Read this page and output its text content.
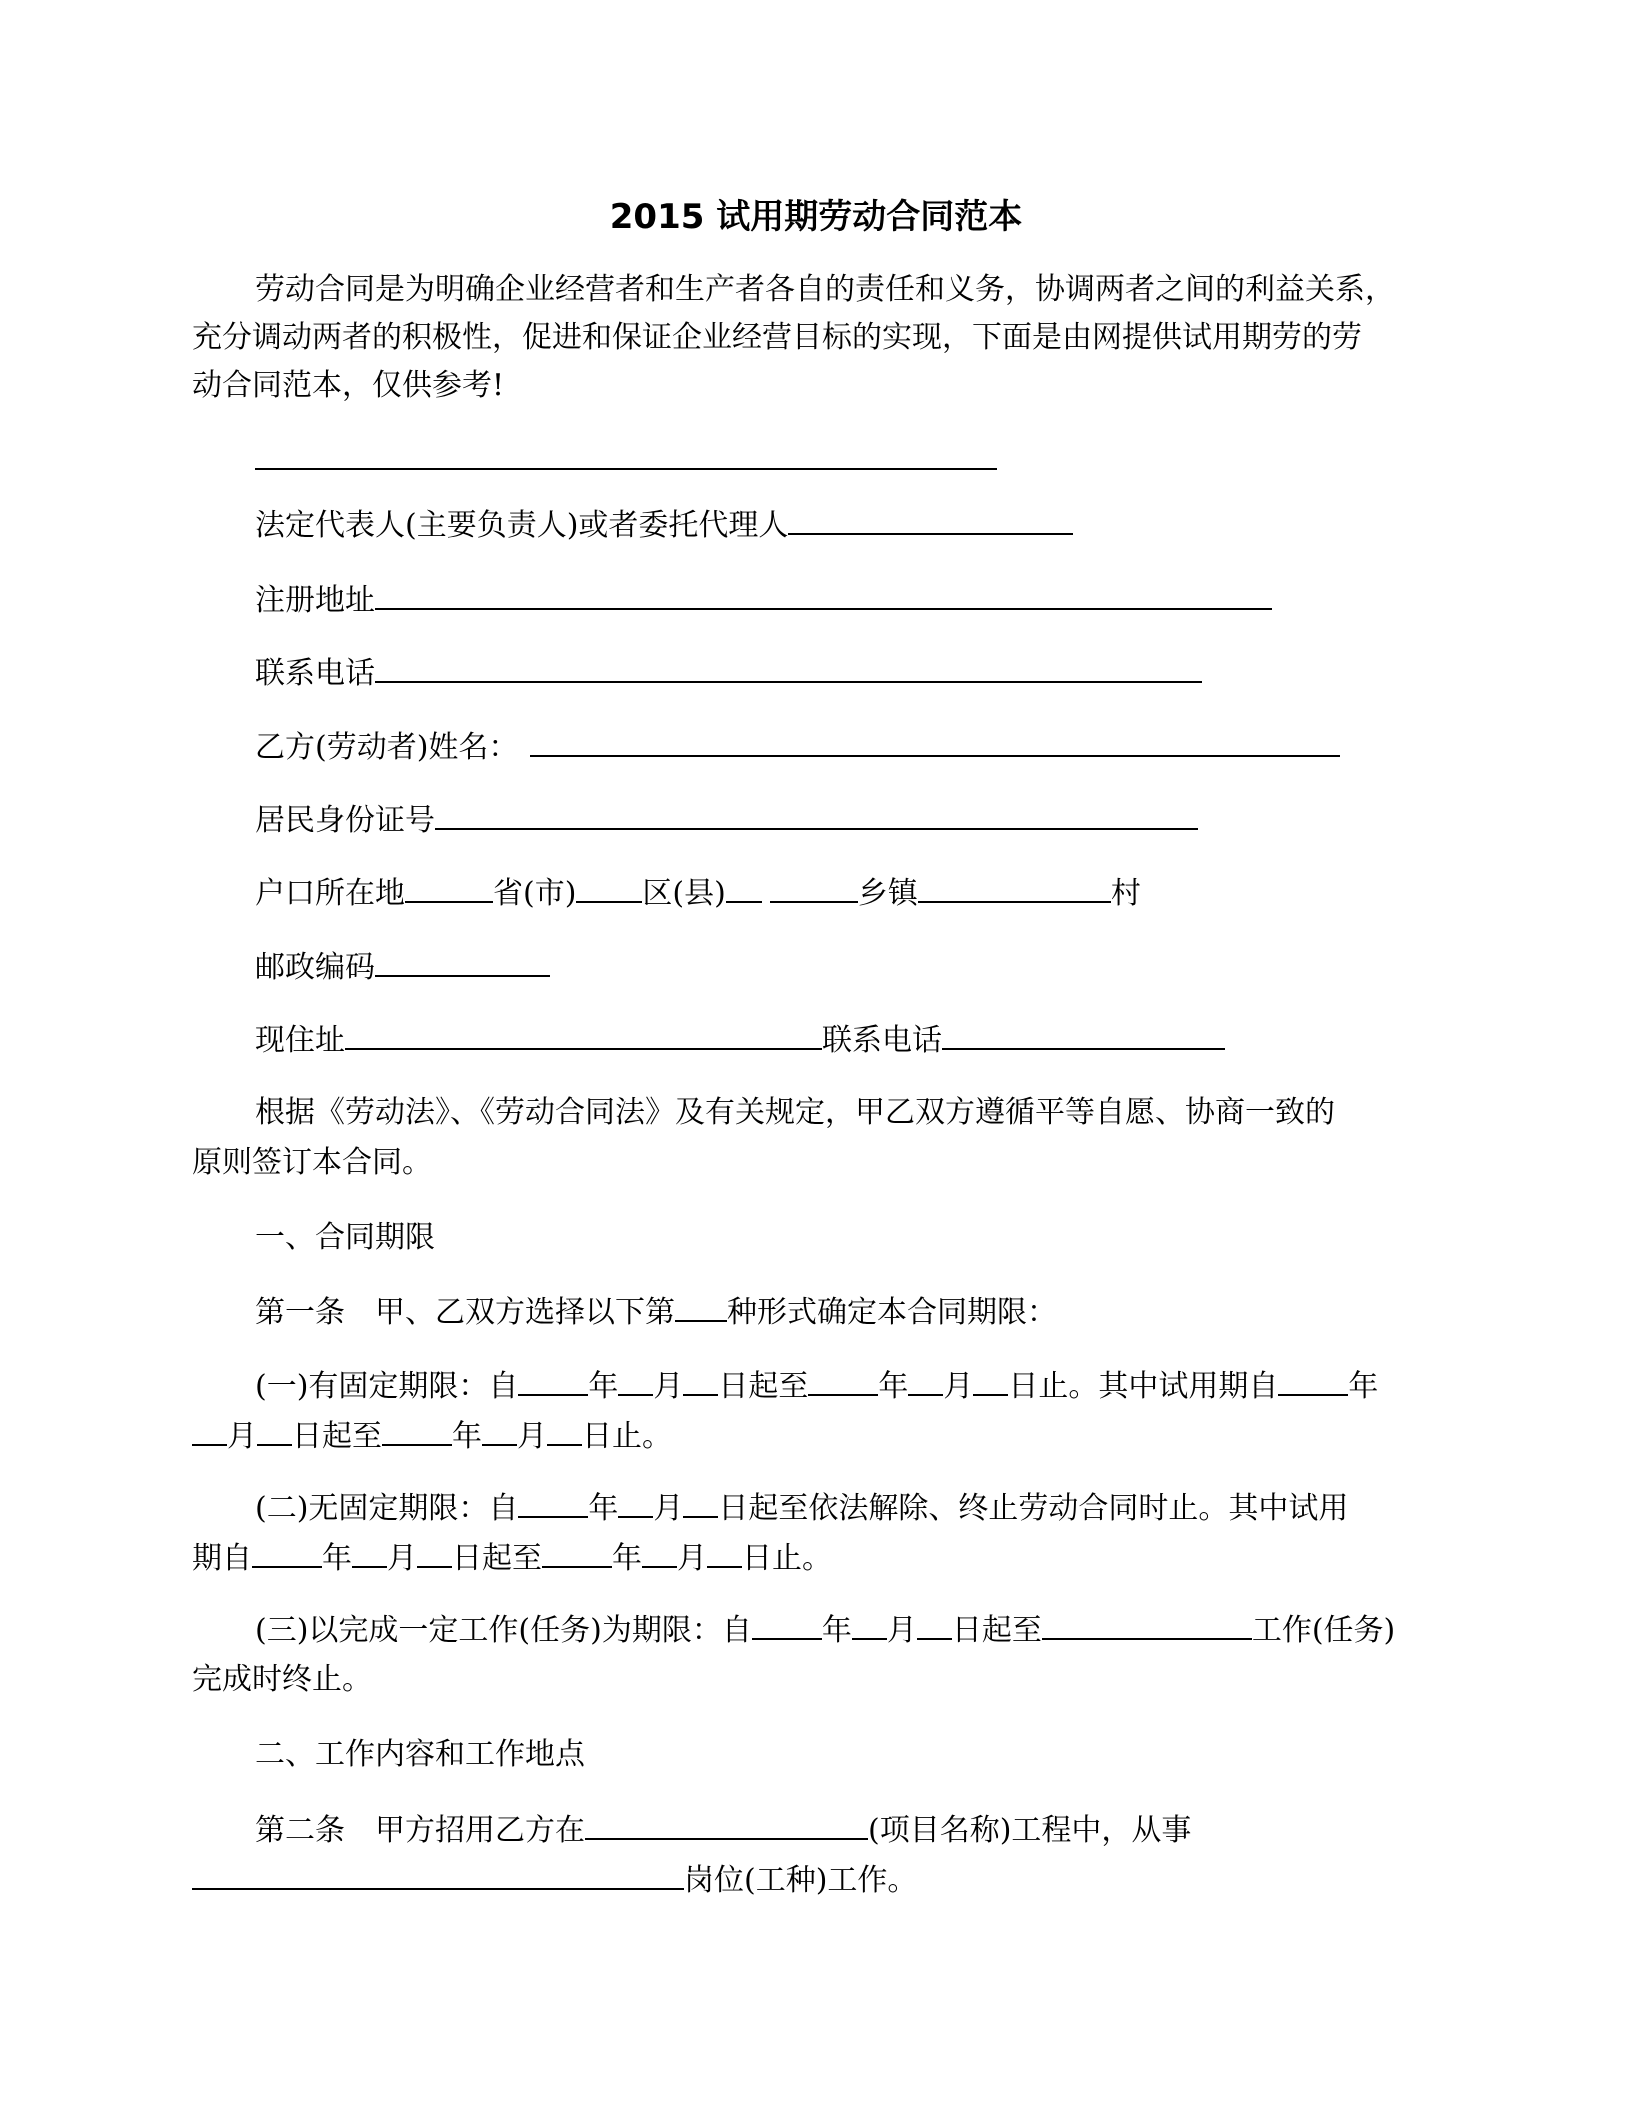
2015 试用期劳动合同范本
劳动合同是为明确企业经营者和生产者各自的责任和义务，协调两者之间的利益关系，
充分调动两者的积极性，促进和保证企业经营目标的实现，下面是由网提供试用期劳的劳
动合同范本，仅供参考!
法定代表人(主要负责人)或者委托代理人
注册地址
联系电话
乙方(劳动者)姓名：
居民身份证号
户口所在地	省(市) 区(县)	乡镇	村
邮政编码
现住址	联系电话
根据《劳动法》、《劳动合同法》及有关规定，甲乙双方遵循平等自愿、协商一致的
原则签订本合同。
一、合同期限
第一条 甲、乙双方选择以下第 种形式确定本合同期限：
(一)有固定期限：自 年 月 日起至 年 月 日止。其中试用期自 年
月 日起至 年 月 日止。
(二)无固定期限：自 年 月 日起至依法解除、终止劳动合同时止。其中试用
期自 年 月 日起至 年 月 日止。
(三)以完成一定工作(任务)为期限：自 年 月 日起至	工作(任务)
完成时终止。
二、工作内容和工作地点
第二条 甲方招用乙方在	(项目名称)工程中，从事
岗位(工种)工作。
